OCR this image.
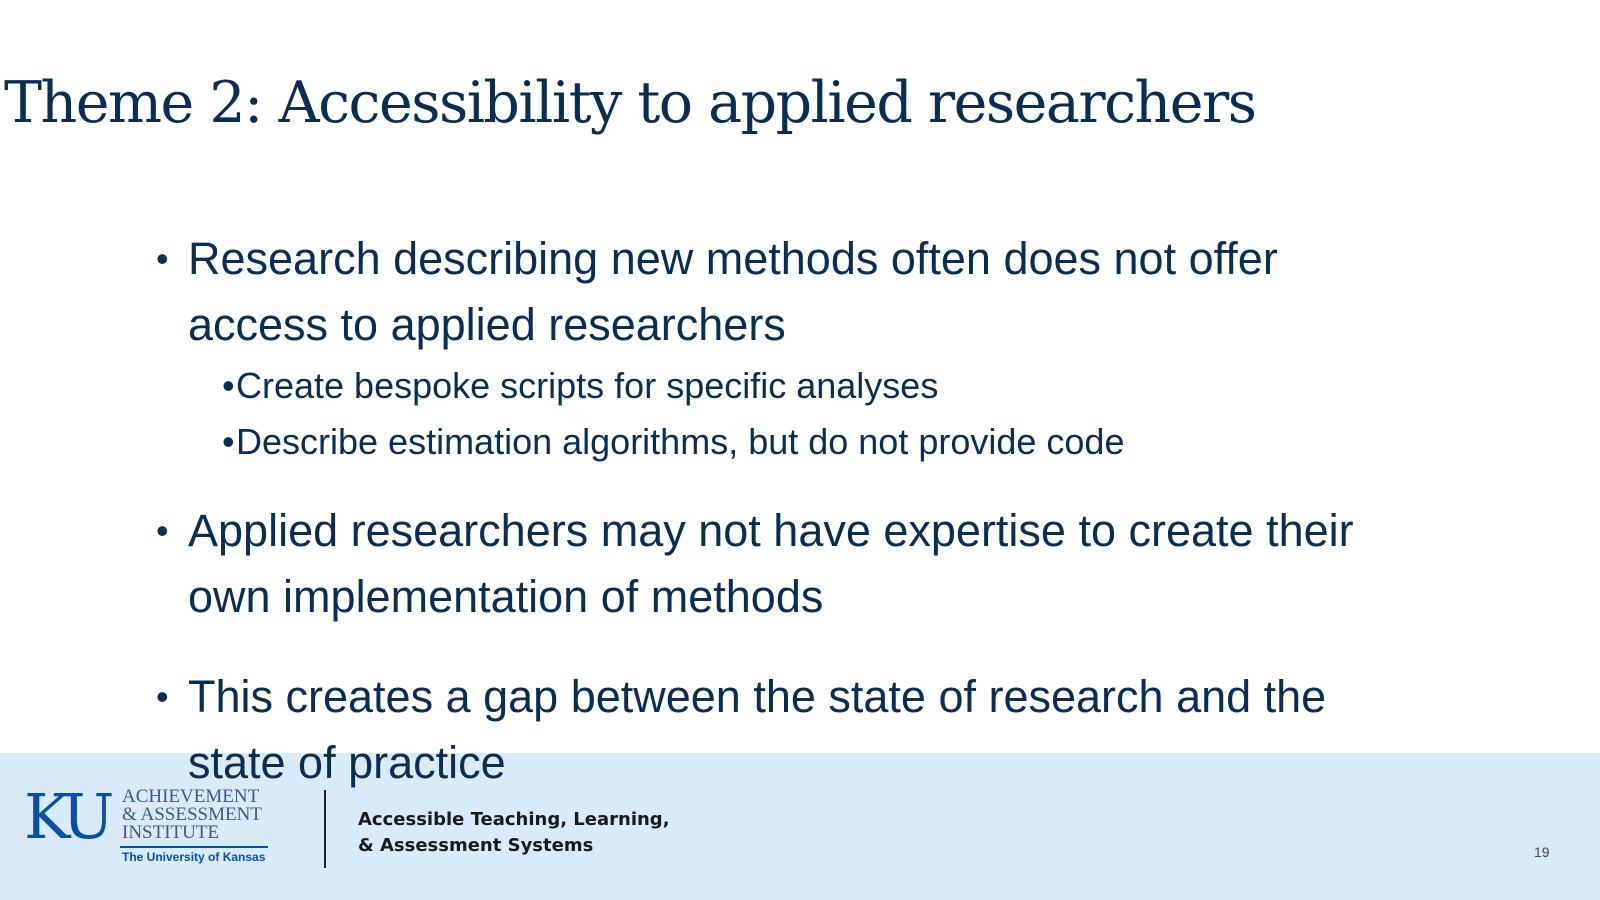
Theme 2: Accessibility to applied researchers
• Research describing new methods often does not offer access to applied researchers
• Create bespoke scripts for specific analyses
• Describe estimation algorithms, but do not provide code
• Applied researchers may not have expertise to create their own implementation of methods
• This creates a gap between the state of research and the state of practice
KU ACHIEVEMENT
& ASSESSMENT
INSTITUTE
The University of Kansas
Accessible Teaching, Learning,
& Assessment Systems	19
